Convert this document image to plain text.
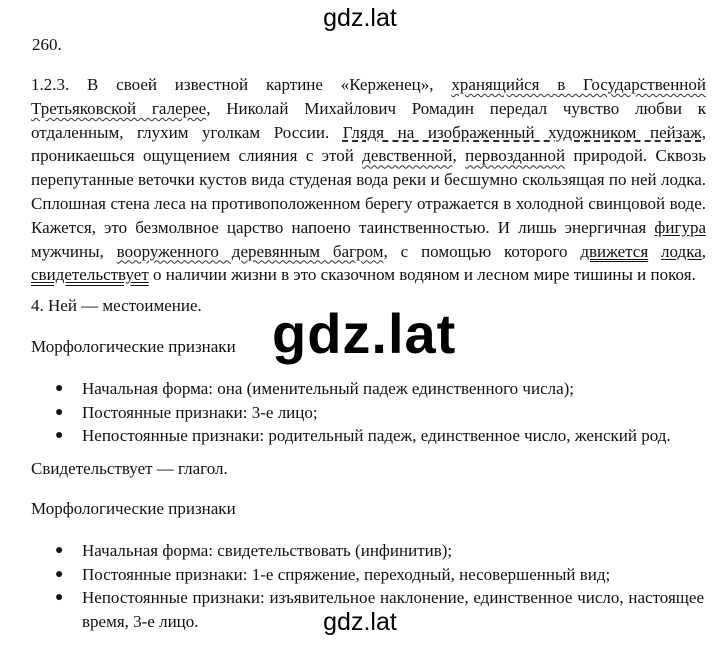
gdz.lat
260.
1.2.3. В своей известной картине «Керженец», хранящийся в Государственной Третьяковской галерее, Николай Михайлович Ромадин передал чувство любви к отдаленным, глухим уголкам России. Глядя на изображенный художником пейзаж, проникаешься ощущением слияния с этой девственной, первозданной природой. Сквозь перепутанные веточки кустов вида студеная вода реки и бесшумно скользящая по ней лодка. Сплошная стена леса на противоположенном берегу отражается в холодной свинцовой воде. Кажется, это безмолвное царство напоено таинственностью. И лишь энергичная фигура мужчины, вооруженного деревянным багром, с помощью которого движется лодка, свидетельствует о наличии жизни в это сказочном водяном и лесном мире тишины и покоя.
4. Ней — местоимение. gdz.lat
Морфологические признаки
● Начальная форма: она (именительный падеж единственного числа);
● Постоянные признаки: 3-е лицо;
● Непостоянные признаки: родительный падеж, единственное число, женский род.
Свидетельствует — глагол.
Морфологические признаки
● Начальная форма: свидетельствовать (инфинитив);
● Постоянные признаки: 1-е спряжение, переходный, несовершенный вид;
● Непостоянные признаки: изъявительное наклонение, единственное число, настоящее время, 3-е лицо.	gdz.lat
